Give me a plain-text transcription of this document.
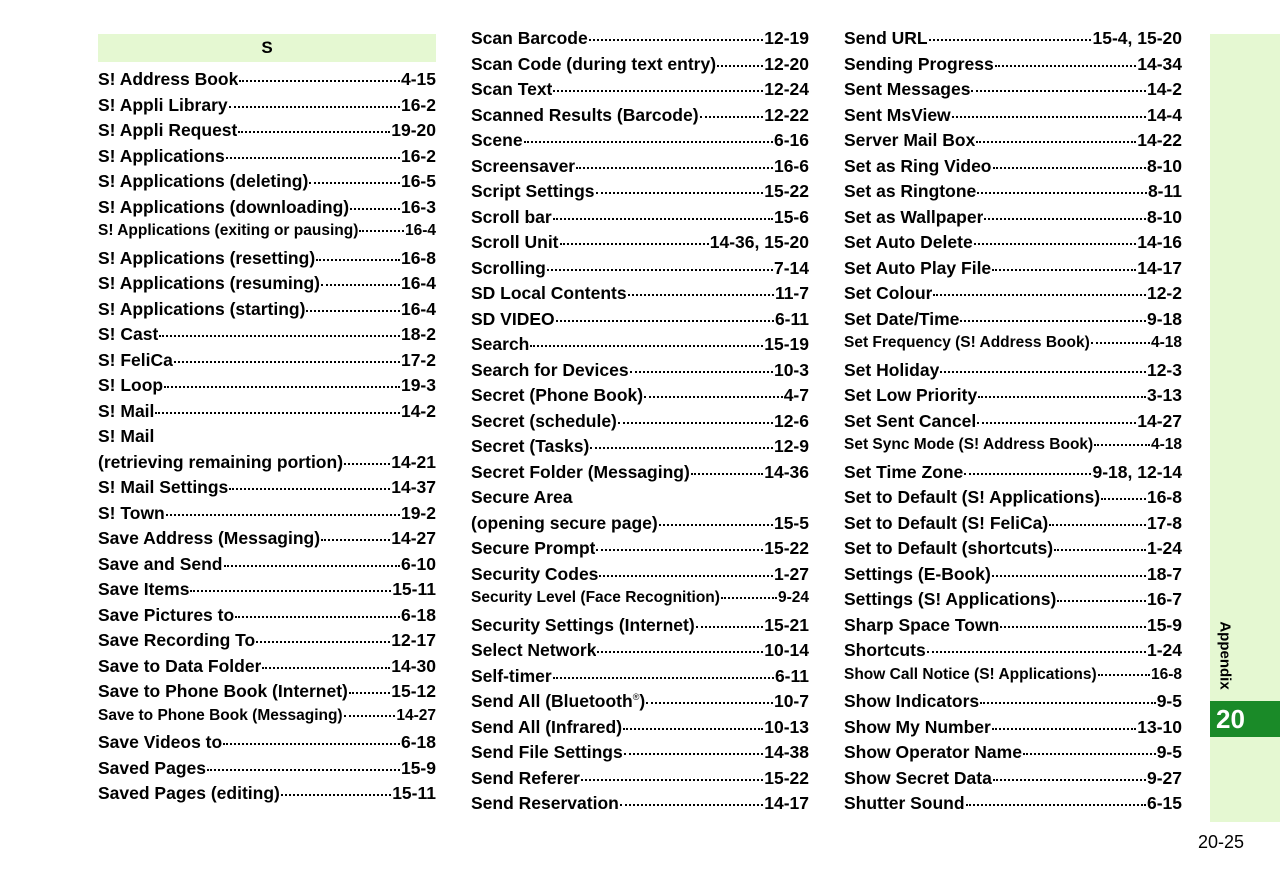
S
S! Address Book	4-15
S! Appli Library	16-2
S! Appli Request	19-20
S! Applications	16-2
S! Applications (deleting)	16-5
S! Applications (downloading)	16-3
S! Applications (exiting or pausing)	16-4
S! Applications (resetting)	16-8
S! Applications (resuming)	16-4
S! Applications (starting)	16-4
S! Cast	18-2
S! FeliCa	17-2
S! Loop	19-3
S! Mail	14-2
S! Mail
(retrieving remaining portion)	14-21
S! Mail Settings	14-37
S! Town	19-2
Save Address (Messaging)	14-27
Save and Send	6-10
Save Items	15-11
Save Pictures to	6-18
Save Recording To	12-17
Save to Data Folder	14-30
Save to Phone Book (Internet) 15-12
Save to Phone Book (Messaging)	14-27
Save Videos to	6-18
Saved Pages	15-9
Saved Pages (editing)	15-11
Scan Barcode	12-19
Scan Code (during text entry)	12-20
Scan Text	12-24
Scanned Results (Barcode)	12-22
Scene	6-16
Screensaver	16-6
Script Settings	15-22
Scroll bar	15-6
Scroll Unit	14-36, 15-20
Scrolling	7-14
SD Local Contents	11-7
SD VIDEO	6-11
Search	15-19
Search for Devices	10-3
Secret (Phone Book)	4-7
Secret (schedule)	12-6
Secret (Tasks)	12-9
Secret Folder (Messaging)	14-36
Secure Area
(opening secure page)	15-5
Secure Prompt	15-22
Security Codes	1-27
Security Level (Face Recognition)	9-24
Security Settings (Internet)	15-21
Select Network	10-14
Self-timer	6-11
Send All (Bluetooth®)	10-7
Send All (Infrared)	10-13
Send File Settings	14-38
Send Referer	15-22
Send Reservation	14-17
Send URL	15-4, 15-20
Sending Progress	14-34
Sent Messages	14-2
Sent MsView	14-4
Server Mail Box	14-22
Set as Ring Video	8-10
Set as Ringtone	8-11
Set as Wallpaper	8-10
Set Auto Delete	14-16
Set Auto Play File	14-17
Set Colour	12-2
Set Date/Time	9-18
Set Frequency (S! Address Book)	4-18
Set Holiday	12-3
Set Low Priority	3-13
Set Sent Cancel	14-27
Set Sync Mode (S! Address Book)	4-18
Set Time Zone	9-18, 12-14
Set to Default (S! Applications)	16-8
Set to Default (S! FeliCa)	17-8
Set to Default (shortcuts)	1-24
Settings (E-Book)	18-7
Settings (S! Applications)	16-7
Sharp Space Town	15-9
Shortcuts	1-24
Show Call Notice (S! Applications)	16-8
Show Indicators	9-5
Show My Number	13-10
Show Operator Name	9-5
Show Secret Data	9-27
Shutter Sound	6-15
Appendix
20
20-25
